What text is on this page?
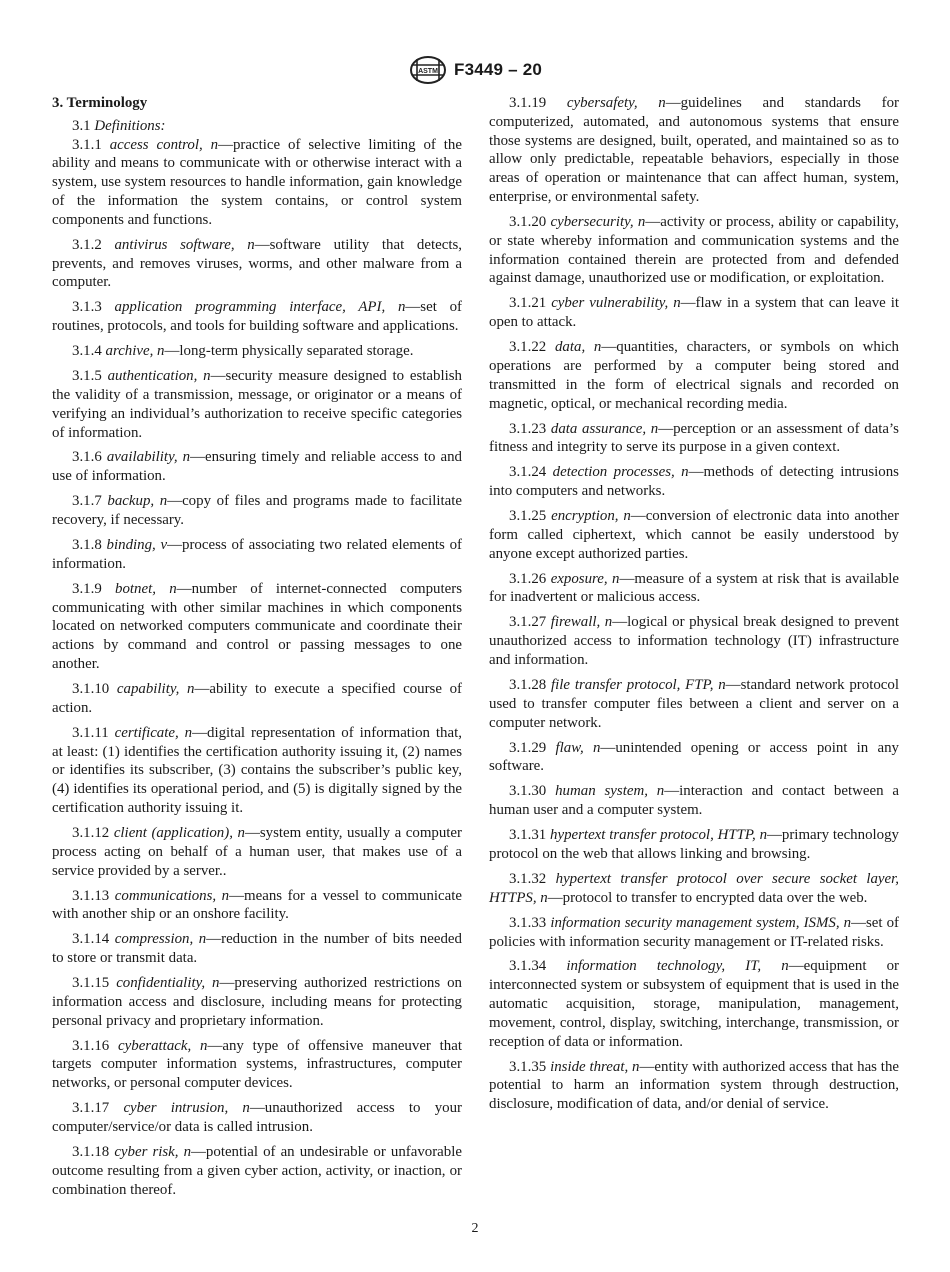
ASTM F3449 – 20

3. Terminology

3.1 Definitions:

3.1.1 access control, n—practice of selective limiting of the ability and means to communicate with or otherwise interact with a system, use system resources to handle information, gain knowledge of the information the system contains, or control system components and functions.

3.1.2 antivirus software, n—software utility that detects, prevents, and removes viruses, worms, and other malware from a computer.

3.1.3 application programming interface, API, n—set of routines, protocols, and tools for building software and applications.

3.1.4 archive, n—long-term physically separated storage.

3.1.5 authentication, n—security measure designed to establish the validity of a transmission, message, or originator or a means of verifying an individual’s authorization to receive specific categories of information.

3.1.6 availability, n—ensuring timely and reliable access to and use of information.

3.1.7 backup, n—copy of files and programs made to facilitate recovery, if necessary.

3.1.8 binding, v—process of associating two related elements of information.

3.1.9 botnet, n—number of internet-connected computers communicating with other similar machines in which components located on networked computers communicate and coordinate their actions by command and control or passing messages to one another.

3.1.10 capability, n—ability to execute a specified course of action.

3.1.11 certificate, n—digital representation of information that, at least: (1) identifies the certification authority issuing it, (2) names or identifies its subscriber, (3) contains the subscriber’s public key, (4) identifies its operational period, and (5) is digitally signed by the certification authority issuing it.

3.1.12 client (application), n—system entity, usually a computer process acting on behalf of a human user, that makes use of a service provided by a server..

3.1.13 communications, n—means for a vessel to communicate with another ship or an onshore facility.

3.1.14 compression, n—reduction in the number of bits needed to store or transmit data.

3.1.15 confidentiality, n—preserving authorized restrictions on information access and disclosure, including means for protecting personal privacy and proprietary information.

3.1.16 cyberattack, n—any type of offensive maneuver that targets computer information systems, infrastructures, computer networks, or personal computer devices.

3.1.17 cyber intrusion, n—unauthorized access to your computer/service/or data is called intrusion.

3.1.18 cyber risk, n—potential of an undesirable or unfavorable outcome resulting from a given cyber action, activity, or inaction, or combination thereof.

3.1.19 cybersafety, n—guidelines and standards for computerized, automated, and autonomous systems that ensure those systems are designed, built, operated, and maintained so as to allow only predictable, repeatable behaviors, especially in those areas of operation or maintenance that can affect human, system, enterprise, or environmental safety.

3.1.20 cybersecurity, n—activity or process, ability or capability, or state whereby information and communication systems and the information contained therein are protected from and defended against damage, unauthorized use or modification, or exploitation.

3.1.21 cyber vulnerability, n—flaw in a system that can leave it open to attack.

3.1.22 data, n—quantities, characters, or symbols on which operations are performed by a computer being stored and transmitted in the form of electrical signals and recorded on magnetic, optical, or mechanical recording media.

3.1.23 data assurance, n—perception or an assessment of data’s fitness and integrity to serve its purpose in a given context.

3.1.24 detection processes, n—methods of detecting intrusions into computers and networks.

3.1.25 encryption, n—conversion of electronic data into another form called ciphertext, which cannot be easily understood by anyone except authorized parties.

3.1.26 exposure, n—measure of a system at risk that is available for inadvertent or malicious access.

3.1.27 firewall, n—logical or physical break designed to prevent unauthorized access to information technology (IT) infrastructure and information.

3.1.28 file transfer protocol, FTP, n—standard network protocol used to transfer computer files between a client and server on a computer network.

3.1.29 flaw, n—unintended opening or access point in any software.

3.1.30 human system, n—interaction and contact between a human user and a computer system.

3.1.31 hypertext transfer protocol, HTTP, n—primary technology protocol on the web that allows linking and browsing.

3.1.32 hypertext transfer protocol over secure socket layer, HTTPS, n—protocol to transfer to encrypted data over the web.

3.1.33 information security management system, ISMS, n—set of policies with information security management or IT-related risks.

3.1.34 information technology, IT, n—equipment or interconnected system or subsystem of equipment that is used in the automatic acquisition, storage, manipulation, management, movement, control, display, switching, interchange, transmission, or reception of data or information.

3.1.35 inside threat, n—entity with authorized access that has the potential to harm an information system through destruction, disclosure, modification of data, and/or denial of service.

2
